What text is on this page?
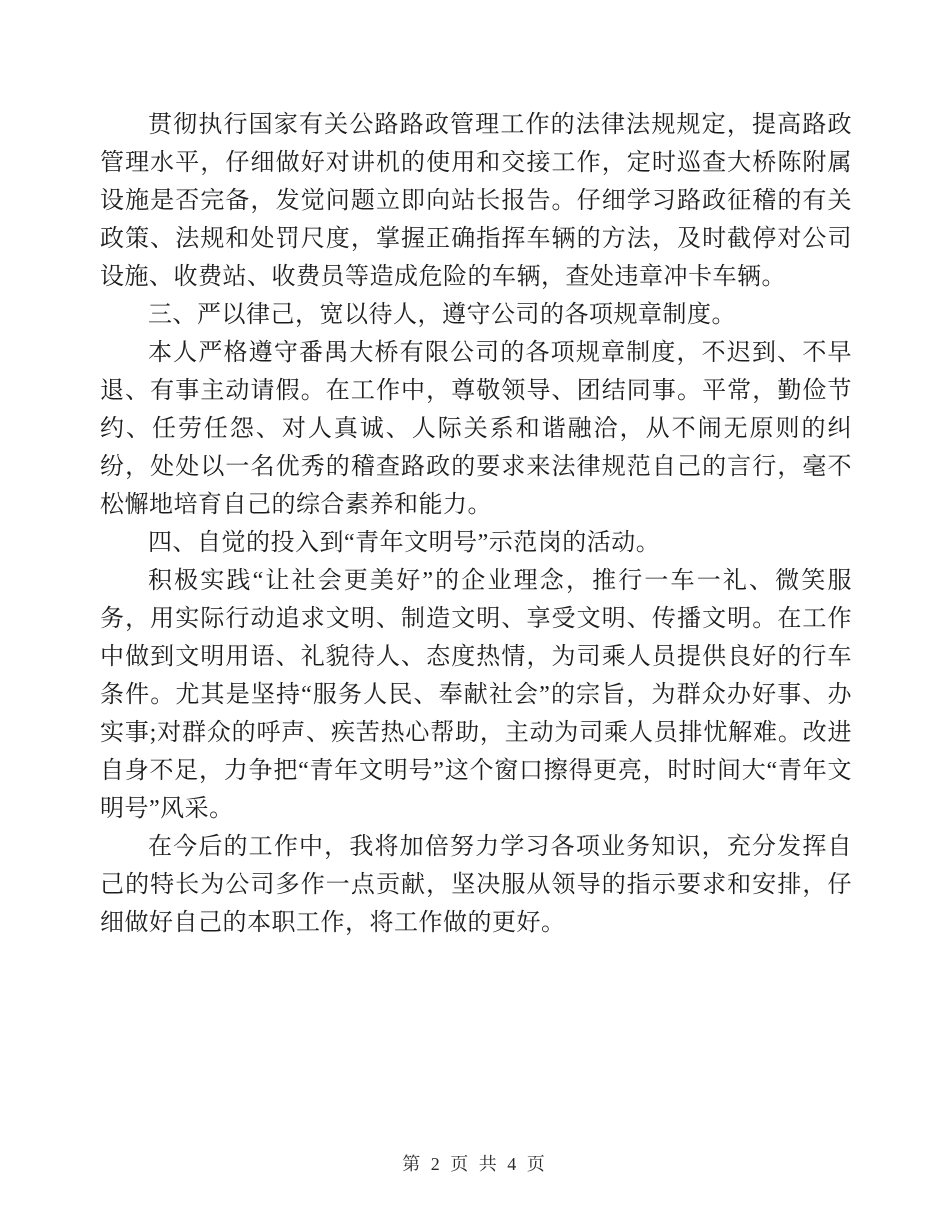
贯彻执行国家有关公路路政管理工作的法律法规规定，提高路政管理水平，仔细做好对讲机的使用和交接工作，定时巡查大桥陈附属设施是否完备，发觉问题立即向站长报告。仔细学习路政征稽的有关政策、法规和处罚尺度，掌握正确指挥车辆的方法，及时截停对公司设施、收费站、收费员等造成危险的车辆，查处违章冲卡车辆。

三、严以律己，宽以待人，遵守公司的各项规章制度。

本人严格遵守番禺大桥有限公司的各项规章制度，不迟到、不早退、有事主动请假。在工作中，尊敬领导、团结同事。平常，勤俭节约、任劳任怨、对人真诚、人际关系和谐融洽，从不闹无原则的纠纷，处处以一名优秀的稽查路政的要求来法律规范自己的言行，毫不松懈地培育自己的综合素养和能力。

四、自觉的投入到“青年文明号”示范岗的活动。

积极实践“让社会更美好”的企业理念，推行一车一礼、微笑服务，用实际行动追求文明、制造文明、享受文明、传播文明。在工作中做到文明用语、礼貌待人、态度热情，为司乘人员提供良好的行车条件。尤其是坚持“服务人民、奉献社会”的宗旨，为群众办好事、办实事;对群众的呼声、疾苦热心帮助，主动为司乘人员排忧解难。改进自身不足，力争把“青年文明号”这个窗口擦得更亮，时时间大“青年文明号”风采。

在今后的工作中，我将加倍努力学习各项业务知识，充分发挥自己的特长为公司多作一点贡献，坚决服从领导的指示要求和安排，仔细做好自己的本职工作，将工作做的更好。

第 2 页 共 4 页
